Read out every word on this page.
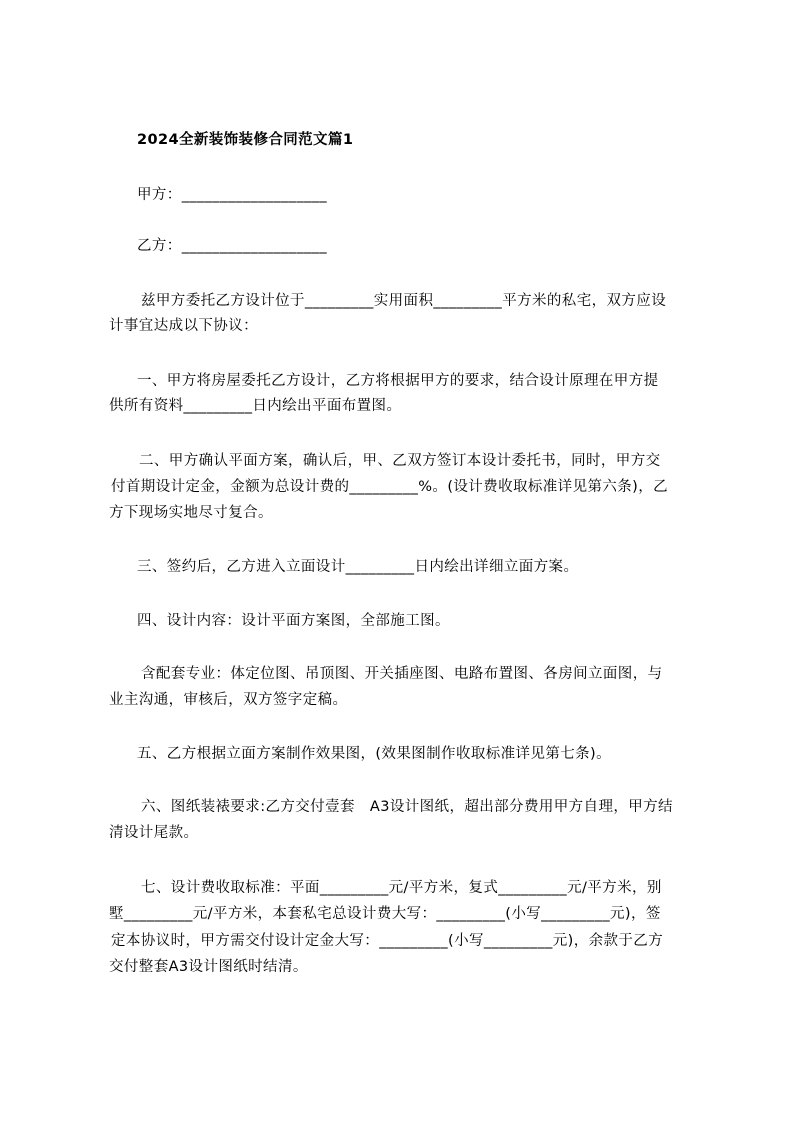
2024全新装饰装修合同范文篇1
甲方：___________________
乙方：___________________
兹甲方委托乙方设计位于_________实用面积_________平方米的私宅，双方应设
计事宜达成以下协议：
一、甲方将房屋委托乙方设计，乙方将根据甲方的要求，结合设计原理在甲方提
供所有资料_________日内绘出平面布置图。
二、甲方确认平面方案，确认后，甲、乙双方签订本设计委托书，同时，甲方交
付首期设计定金，金额为总设计费的_________%。(设计费收取标准详见第六条)，乙
方下现场实地尽寸复合。
三、签约后，乙方进入立面设计_________日内绘出详细立面方案。
四、设计内容：设计平面方案图，全部施工图。
含配套专业：体定位图、吊顶图、开关插座图、电路布置图、各房间立面图，与
业主沟通，审核后，双方签字定稿。
五、乙方根据立面方案制作效果图，(效果图制作收取标准详见第七条)。
六、图纸装裱要求:乙方交付壹套   A3设计图纸，超出部分费用甲方自理，甲方结
清设计尾款。
七、设计费收取标准：平面_________元/平方米，复式_________元/平方米，别
墅_________元/平方米，本套私宅总设计费大写：_________(小写_________元)，签
定本协议时，甲方需交付设计定金大写：_________(小写_________元)，余款于乙方
交付整套A3设计图纸时结清。
